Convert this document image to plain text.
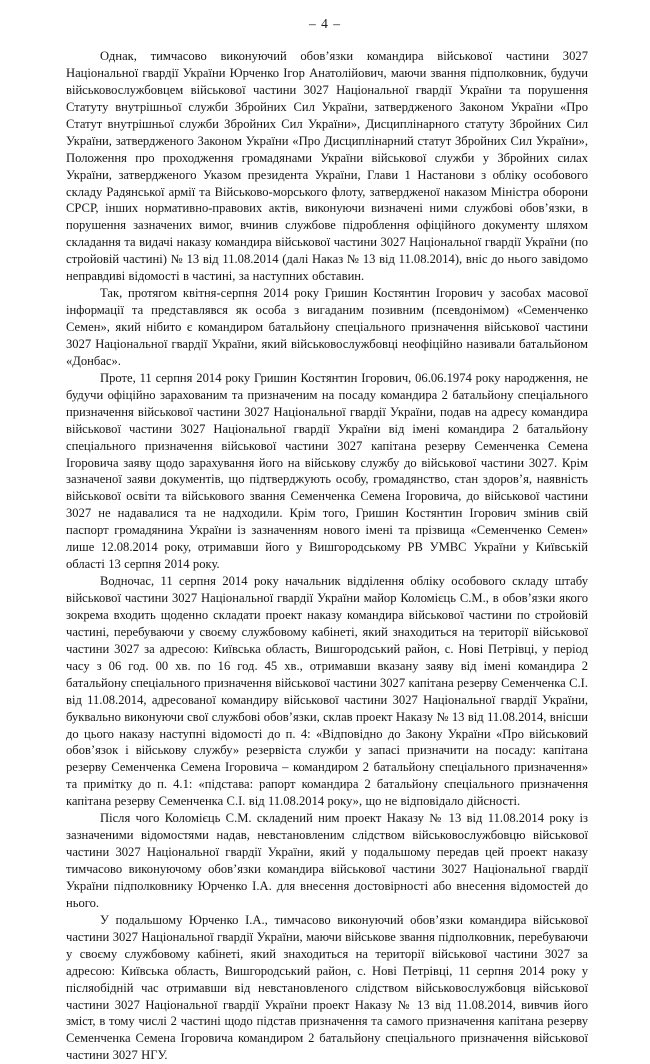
– 4 –

Однак, тимчасово виконуючий обов’язки командира військової частини 3027 Національної гвардії України Юрченко Ігор Анатолійович, маючи звання підполковник, будучи військовослужбовцем військової частини 3027 Національної гвардії України та порушення Статуту внутрішньої служби Збройних Сил України, затвердженого Законом України «Про Статут внутрішньої служби Збройних Сил України», Дисциплінарного статуту Збройних Сил України, затвердженого Законом України «Про Дисциплінарний статут Збройних Сил України», Положення про проходження громадянами України військової служби у Збройних силах України, затвердженого Указом президента України, Глави 1 Настанови з обліку особового складу Радянської армії та Військово-морського флоту, затвердженої наказом Міністра оборони СРСР, інших нормативно-правових актів, виконуючи визначені ними службові обов’язки, в порушення зазначених вимог, вчинив службове підроблення офіційного документу шляхом складання та видачі наказу командира військової частини 3027 Національної гвардії України (по стройовій частині) № 13 від 11.08.2014 (далі Наказ № 13 від 11.08.2014), вніс до нього завідомо неправдиві відомості в частині, за наступних обставин.

Так, протягом квітня-серпня 2014 року Гришин Костянтин Ігорович у засобах масової інформації та представлявся як особа з вигаданим позивним (псевдонімом) «Семенченко Семен», який нібито є командиром батальйону спеціального призначення військової частини 3027 Національної гвардії України, який військовослужбовці неофіційно називали батальйоном «Донбас».

Проте, 11 серпня 2014 року Гришин Костянтин Ігорович, 06.06.1974 року народження, не будучи офіційно зарахованим та призначеним на посаду командира 2 батальйону спеціального призначення військової частини 3027 Національної гвардії України, подав на адресу командира військової частини 3027 Національної гвардії України від імені командира 2 батальйону спеціального призначення військової частини 3027 капітана резерву Семенченка Семена Ігоровича заяву щодо зарахування його на військову службу до військової частини 3027. Крім зазначеної заяви документів, що підтверджують особу, громадянство, стан здоров’я, наявність військової освіти та військового звання Семенченка Семена Ігоровича, до військової частини 3027 не надавалися та не надходили. Крім того, Гришин Костянтин Ігорович змінив свій паспорт громадянина України із зазначенням нового імені та прізвища «Семенченко Семен» лише 12.08.2014 року, отримавши його у Вишгородському РВ УМВС України у Київській області 13 серпня 2014 року.

Водночас, 11 серпня 2014 року начальник відділення обліку особового складу штабу військової частини 3027 Національної гвардії України майор Коломієць С.М., в обов’язки якого зокрема входить щоденно складати проект наказу командира військової частини по стройовій частині, перебуваючи у своєму службовому кабінеті, який знаходиться на території військової частини 3027 за адресою: Київська область, Вишгородський район, с. Нові Петрівці, у період часу з 06 год. 00 хв. по 16 год. 45 хв., отримавши вказану заяву від імені командира 2 батальйону спеціального призначення військової частини 3027 капітана резерву Семенченка С.І. від 11.08.2014, адресованої командиру військової частини 3027 Національної гвардії України, буквально виконуючи свої службові обов’язки, склав проект Наказу № 13 від 11.08.2014, внісши до цього наказу наступні відомості до п. 4: «Відповідно до Закону України «Про військовий обов’язок і військову службу» резервіста служби у запасі призначити на посаду: капітана резерву Семенченка Семена Ігоровича – командиром 2 батальйону спеціального призначення» та примітку до п. 4.1: «підстава: рапорт командира 2 батальйону спеціального призначення капітана резерву Семенченка С.І. від 11.08.2014 року», що не відповідало дійсності.

Після чого Коломієць С.М. складений ним проект Наказу № 13 від 11.08.2014 року із зазначеними відомостями надав, невстановленим слідством військовослужбовцю військової частини 3027 Національної гвардії України, який у подальшому передав цей проект наказу тимчасово виконуючому обов’язки командира військової частини 3027 Національної гвардії України підполковнику Юрченко І.А. для внесення достовірності або внесення відомостей до нього.

У подальшому Юрченко І.А., тимчасово виконуючий обов’язки командира військової частини 3027 Національної гвардії України, маючи військове звання підполковник, перебуваючи у своєму службовому кабінеті, який знаходиться на території військової частини 3027 за адресою: Київська область, Вишгородський район, с. Нові Петрівці, 11 серпня 2014 року у післяобідній час отримавши від невстановленого слідством військовослужбовця військової частини 3027 Національної гвардії України проект Наказу № 13 від 11.08.2014, вивчив його зміст, в тому числі 2 частині щодо підстав призначення та самого призначення капітана резерву Семенченка Семена Ігоровича командиром 2 батальйону спеціального призначення військової частини 3027 НГУ.
